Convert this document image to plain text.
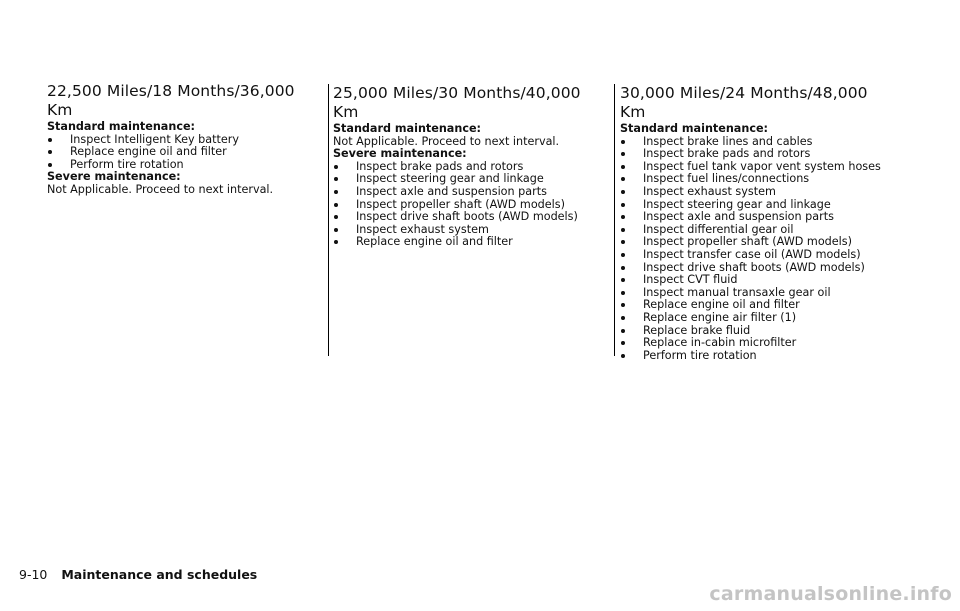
22,500 Miles/18 Months/36,000 Km

Standard maintenance:

Inspect Intelligent Key battery
Replace engine oil and filter
Perform tire rotation

Severe maintenance:

Not Applicable. Proceed to next interval.

25,000 Miles/30 Months/40,000 Km

Standard maintenance:

Not Applicable. Proceed to next interval.

Severe maintenance:

Inspect brake pads and rotors
Inspect steering gear and linkage
Inspect axle and suspension parts
Inspect propeller shaft (AWD models)
Inspect drive shaft boots (AWD models)
Inspect exhaust system
Replace engine oil and filter
30,000 Miles/24 Months/48,000 Km

Standard maintenance:

Inspect brake lines and cables
Inspect brake pads and rotors
Inspect fuel tank vapor vent system hoses
Inspect fuel lines/connections
Inspect exhaust system
Inspect steering gear and linkage
Inspect axle and suspension parts
Inspect differential gear oil
Inspect propeller shaft (AWD models)
Inspect transfer case oil (AWD models)
Inspect drive shaft boots (AWD models)
Inspect CVT fluid
Inspect manual transaxle gear oil
Replace engine oil and filter
Replace engine air filter (1)
Replace brake fluid
Replace in-cabin microfilter
Perform tire rotation
9-10 Maintenance and schedules
carmanualsonline.info
